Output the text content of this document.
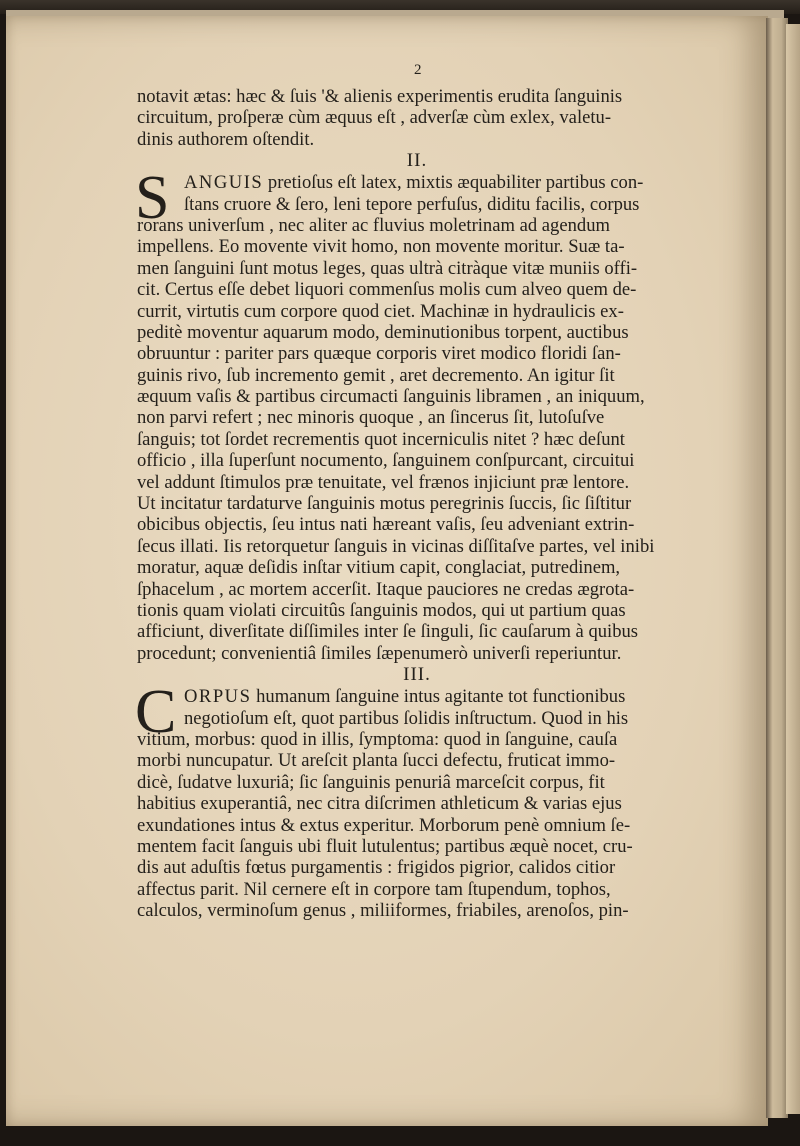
2
notavit ætas: hæc & ſuis '& alienis experimentis erudita ſanguinis
circuitum, proſperæ cùm æquus eſt , adverſæ cùm exlex, valetu-
dinis authorem oſtendit.
II.
S ANGUIS pretioſus eſt latex, mixtis æquabiliter partibus con-
ſtans cruore & ſero, leni tepore perfuſus, diditu facilis, corpus
rorans univerſum , nec aliter ac fluvius moletrinam ad agendum
impellens. Eo movente vivit homo, non movente moritur. Suæ ta-
men ſanguini ſunt motus leges, quas ultrà citràque vitæ muniis offi-
cit. Certus eſſe debet liquori commenſus molis cum alveo quem de-
currit, virtutis cum corpore quod ciet. Machinæ in hydraulicis ex-
peditè moventur aquarum modo, deminutionibus torpent, auctibus
obruuntur : pariter pars quæque corporis viret modico floridi ſan-
guinis rivo, ſub incremento gemit , aret decremento. An igitur ſit
æquum vaſis & partibus circumacti ſanguinis libramen , an iniquum,
non parvi refert ; nec minoris quoque , an ſincerus ſit, lutoſuſve
ſanguis; tot ſordet recrementis quot incerniculis nitet ? hæc deſunt
officio , illa ſuperſunt nocumento, ſanguinem conſpurcant, circuitui
vel addunt ſtimulos præ tenuitate, vel frænos injiciunt præ lentore.
Ut incitatur tardaturve ſanguinis motus peregrinis ſuccis, ſic ſiſtitur
obicibus objectis, ſeu intus nati hæreant vaſis, ſeu adveniant extrin-
ſecus illati. Iis retorquetur ſanguis in vicinas diſſitaſve partes, vel inibi
moratur, aquæ deſidis inſtar vitium capit, conglaciat, putredinem,
ſphacelum , ac mortem accerſit. Itaque pauciores ne credas ægrota-
tionis quam violati circuitûs ſanguinis modos, qui ut partium quas
afficiunt, diverſitate diſſimiles inter ſe ſinguli, ſic cauſarum à quibus
procedunt; convenientiâ ſimiles ſæpenumerò univerſi reperiuntur.
III.
C ORPUS humanum ſanguine intus agitante tot functionibus
negotioſum eſt, quot partibus ſolidis inſtructum. Quod in his
vitium, morbus: quod in illis, ſymptoma: quod in ſanguine, cauſa
morbi nuncupatur. Ut areſcit planta ſucci defectu, fruticat immo-
dicè, ſudatve luxuriâ; ſic ſanguinis penuriâ marceſcit corpus, fit
habitius exuperantiâ, nec citra diſcrimen athleticum & varias ejus
exundationes intus & extus experitur. Morborum penè omnium ſe-
mentem facit ſanguis ubi fluit lutulentus; partibus æquè nocet, cru-
dis aut aduſtis fœtus purgamentis : frigidos pigrior, calidos citior
affectus parit. Nil cernere eſt in corpore tam ſtupendum, tophos,
calculos, verminoſum genus , miliiformes, friabiles, arenoſos, pin-
